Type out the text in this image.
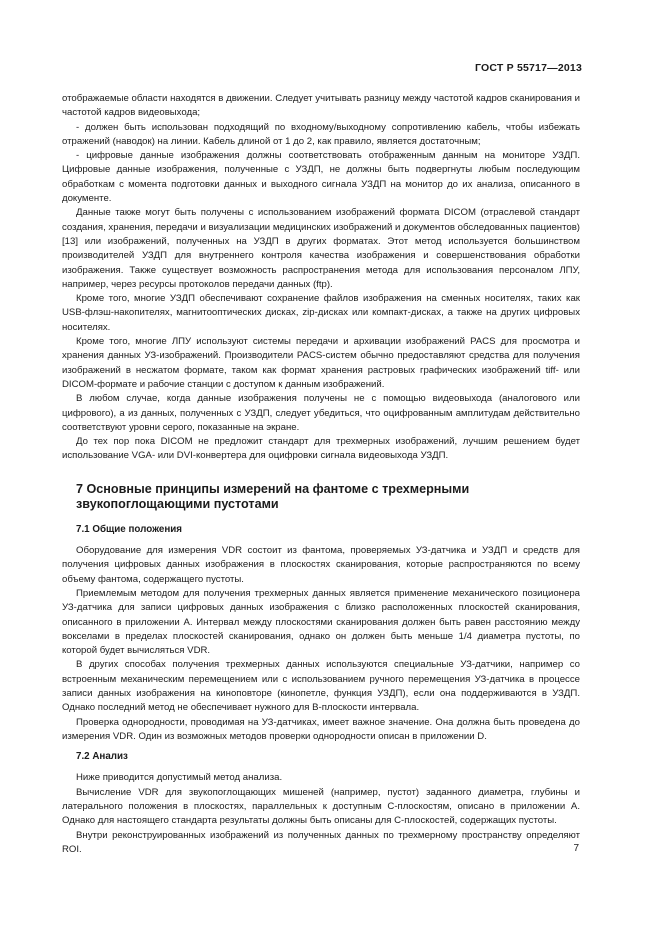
ГОСТ Р 55717—2013

отображаемые области находятся в движении. Следует учитывать разницу между частотой кадров сканирования и частотой кадров видеовыхода;

- должен быть использован подходящий по входному/выходному сопротивлению кабель, чтобы избежать отражений (наводок) на линии. Кабель длиной от 1 до 2, как правило, является достаточным;

- цифровые данные изображения должны соответствовать отображенным данным на мониторе УЗДП. Цифровые данные изображения, полученные с УЗДП, не должны быть подвергнуты любым последующим обработкам с момента подготовки данных и выходного сигнала УЗДП на монитор до их анализа, описанного в документе.

Данные также могут быть получены с использованием изображений формата DICOM (отраслевой стандарт создания, хранения, передачи и визуализации медицинских изображений и документов обследованных пациентов) [13] или изображений, полученных на УЗДП в других форматах. Этот метод используется большинством производителей УЗДП для внутреннего контроля качества изображения и совершенствования обработки изображения. Также существует возможность распространения метода для использования персоналом ЛПУ, например, через ресурсы протоколов передачи данных (ftp).

Кроме того, многие УЗДП обеспечивают сохранение файлов изображения на сменных носителях, таких как USB-флэш-накопителях, магнитооптических дисках, zip-дисках или компакт-дисках, а также на других цифровых носителях.

Кроме того, многие ЛПУ используют системы передачи и архивации изображений PACS для просмотра и хранения данных УЗ-изображений. Производители PACS-систем обычно предоставляют средства для получения изображений в несжатом формате, таком как формат хранения растровых графических изображений tiff- или DICOM-формате и рабочие станции с доступом к данным изображений.

В любом случае, когда данные изображения получены не с помощью видеовыхода (аналогового или цифрового), а из данных, полученных с УЗДП, следует убедиться, что оцифрованным амплитудам действительно соответствуют уровни серого, показанные на экране.

До тех пор пока DICOM не предложит стандарт для трехмерных изображений, лучшим решением будет использование VGA- или DVI-конвертера для оцифровки сигнала видеовыхода УЗДП.

7 Основные принципы измерений на фантоме с трехмерными звукопоглощающими пустотами
7.1 Общие положения

Оборудование для измерения VDR состоит из фантома, проверяемых УЗ-датчика и УЗДП и средств для получения цифровых данных изображения в плоскостях сканирования, которые распространяются по всему объему фантома, содержащего пустоты.

Приемлемым методом для получения трехмерных данных является применение механического позиционера УЗ-датчика для записи цифровых данных изображения с близко расположенных плоскостей сканирования, описанного в приложении А. Интервал между плоскостями сканирования должен быть равен расстоянию между вокселами в пределах плоскостей сканирования, однако он должен быть меньше 1/4 диаметра пустоты, по которой будет вычисляться VDR.

В других способах получения трехмерных данных используются специальные УЗ-датчики, например со встроенным механическим перемещением или с использованием ручного перемещения УЗ-датчика в процессе записи данных изображения на киноповторе (кинопетле, функция УЗДП), если она поддерживаются в УЗДП. Однако последний метод не обеспечивает нужного для B-плоскости интервала.

Проверка однородности, проводимая на УЗ-датчиках, имеет важное значение. Она должна быть проведена до измерения VDR. Один из возможных методов проверки однородности описан в приложении D.

7.2 Анализ

Ниже приводится допустимый метод анализа.

Вычисление VDR для звукопоглощающих мишеней (например, пустот) заданного диаметра, глубины и латерального положения в плоскостях, параллельных к доступным C-плоскостям, описано в приложении А. Однако для настоящего стандарта результаты должны быть описаны для C-плоскостей, содержащих пустоты.

Внутри реконструированных изображений из полученных данных по трехмерному пространству определяют ROI.	7
